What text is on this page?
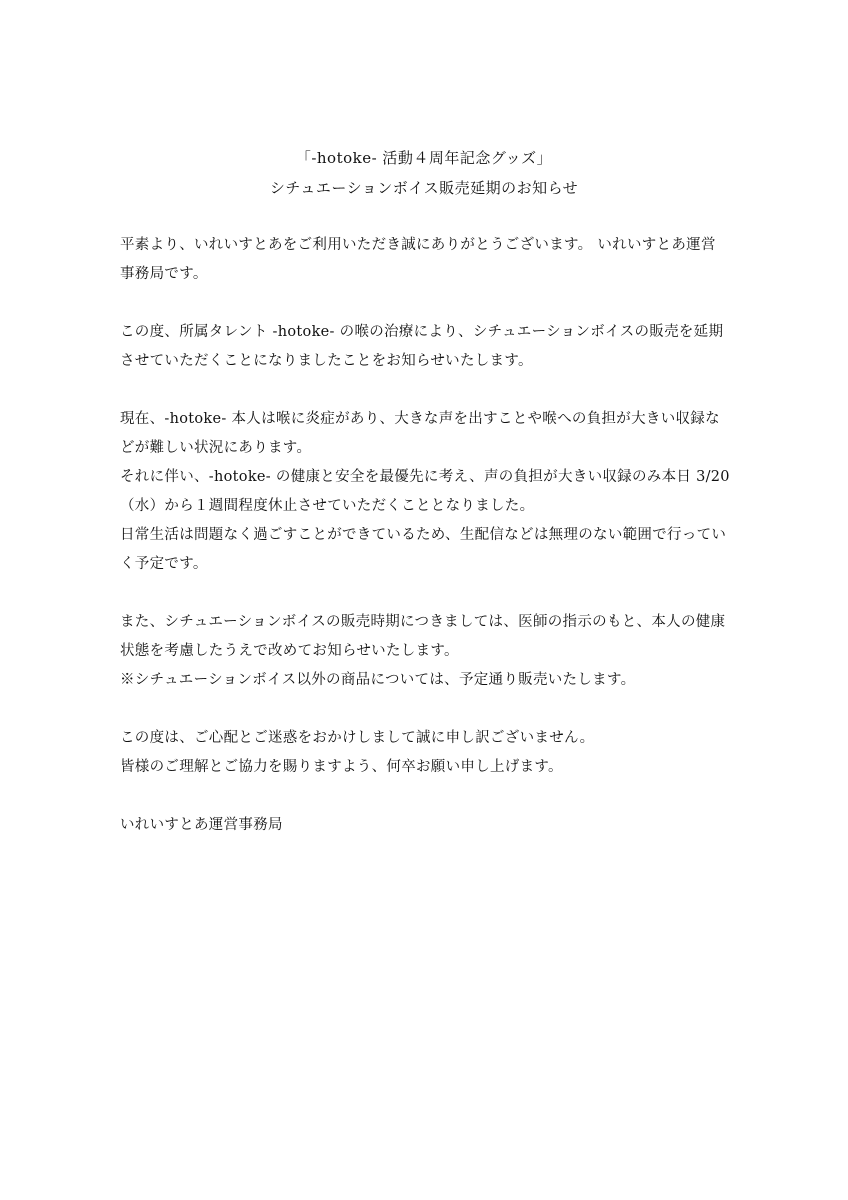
「-hotoke- 活動４周年記念グッズ」
シチュエーションボイス販売延期のお知らせ
平素より、いれいすとあをご利用いただき誠にありがとうございます。 いれいすとあ運営
事務局です。
この度、所属タレント -hotoke- の喉の治療により、シチュエーションボイスの販売を延期
させていただくことになりましたことをお知らせいたします。
現在、-hotoke- 本人は喉に炎症があり、大きな声を出すことや喉への負担が大きい収録な
どが難しい状況にあります。
それに伴い、-hotoke- の健康と安全を最優先に考え、声の負担が大きい収録のみ本日 3/20
（水）から１週間程度休止させていただくこととなりました。
日常生活は問題なく過ごすことができているため、生配信などは無理のない範囲で行ってい
く予定です。
また、シチュエーションボイスの販売時期につきましては、医師の指示のもと、本人の健康
状態を考慮したうえで改めてお知らせいたします。
※シチュエーションボイス以外の商品については、予定通り販売いたします。
この度は、ご心配とご迷惑をおかけしまして誠に申し訳ございません。
皆様のご理解とご協力を賜りますよう、何卒お願い申し上げます。
いれいすとあ運営事務局
